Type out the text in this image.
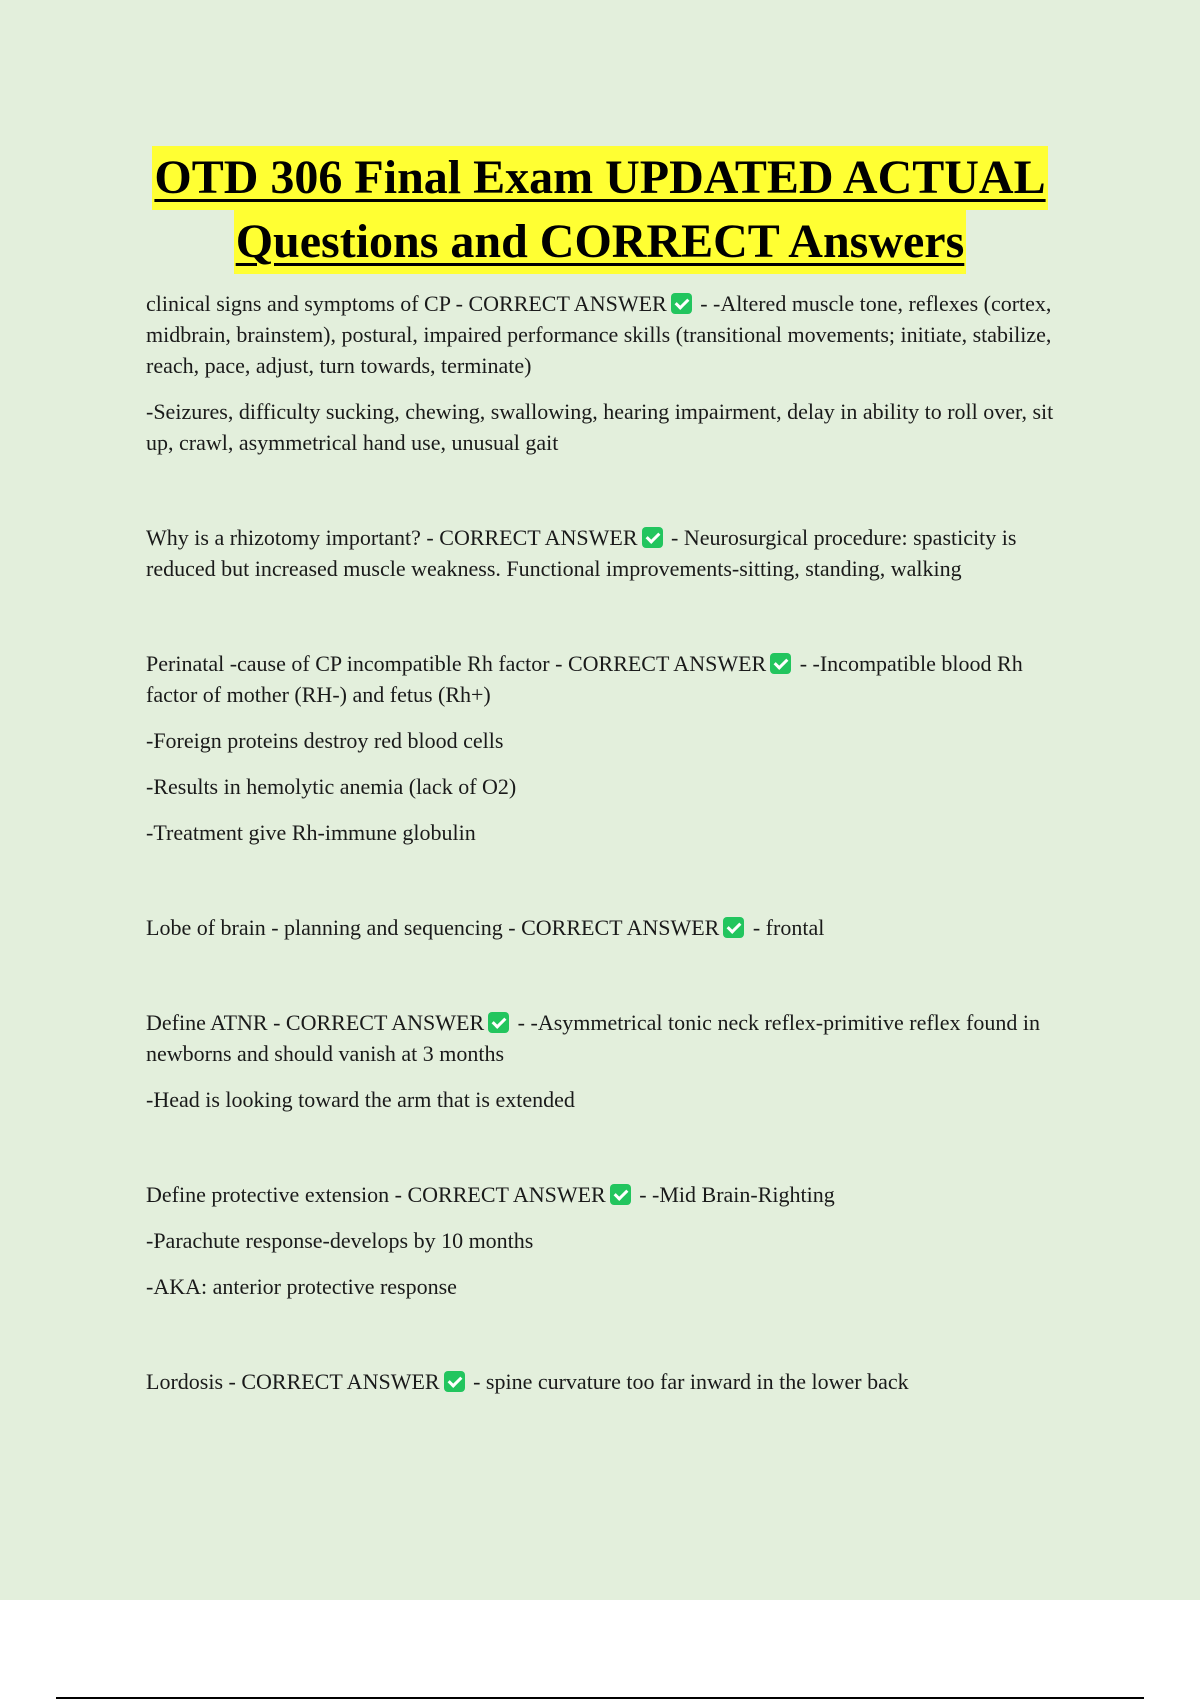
OTD 306 Final Exam UPDATED ACTUAL
Questions and CORRECT Answers

clinical signs and symptoms of CP - CORRECT ANSWER - -Altered muscle tone, reflexes (cortex, midbrain, brainstem), postural, impaired performance skills (transitional movements; initiate, stabilize, reach, pace, adjust, turn towards, terminate)

-Seizures, difficulty sucking, chewing, swallowing, hearing impairment, delay in ability to roll over, sit up, crawl, asymmetrical hand use, unusual gait

Why is a rhizotomy important? - CORRECT ANSWER - Neurosurgical procedure: spasticity is reduced but increased muscle weakness. Functional improvements-sitting, standing, walking

Perinatal -cause of CP incompatible Rh factor - CORRECT ANSWER - -Incompatible blood Rh factor of mother (RH-) and fetus (Rh+)

-Foreign proteins destroy red blood cells

-Results in hemolytic anemia (lack of O2)

-Treatment give Rh-immune globulin

Lobe of brain - planning and sequencing - CORRECT ANSWER - frontal

Define ATNR - CORRECT ANSWER - -Asymmetrical tonic neck reflex-primitive reflex found in newborns and should vanish at 3 months

-Head is looking toward the arm that is extended

Define protective extension - CORRECT ANSWER - -Mid Brain-Righting

-Parachute response-develops by 10 months

-AKA: anterior protective response

Lordosis - CORRECT ANSWER - spine curvature too far inward in the lower back
